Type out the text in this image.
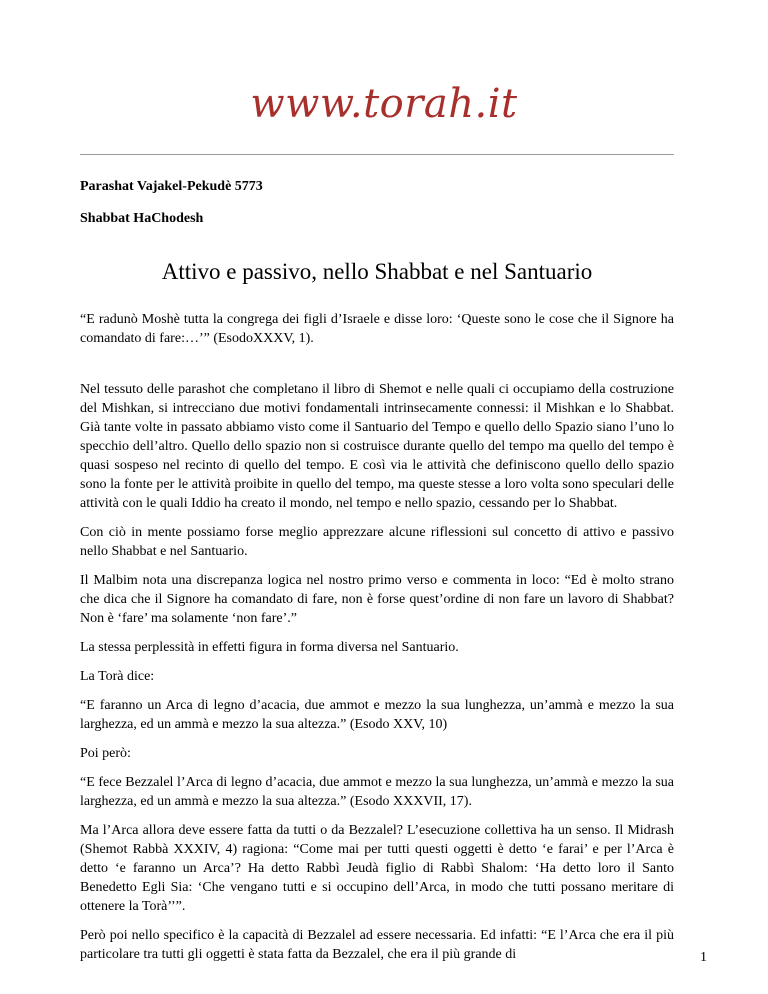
www.torah.it

Parashat Vajakel-Pekudè 5773

Shabbat HaChodesh

Attivo e passivo, nello Shabbat e nel Santuario

“E radunò Moshè tutta la congrega dei figli d’Israele e disse loro: ‘Queste sono le cose che il Signore ha comandato di fare:…’” (EsodoXXXV, 1).

Nel tessuto delle parashot che completano il libro di Shemot e nelle quali ci occupiamo della costruzione del Mishkan, si intrecciano due motivi fondamentali intrinsecamente connessi: il Mishkan e lo Shabbat. Già tante volte in passato abbiamo visto come il Santuario del Tempo e quello dello Spazio siano l’uno lo specchio dell’altro. Quello dello spazio non si costruisce durante quello del tempo ma quello del tempo è quasi sospeso nel recinto di quello del tempo. E così via le attività che definiscono quello dello spazio sono la fonte per le attività proibite in quello del tempo, ma queste stesse a loro volta sono speculari delle attività con le quali Iddio ha creato il mondo, nel tempo e nello spazio, cessando per lo Shabbat.

Con ciò in mente possiamo forse meglio apprezzare alcune riflessioni sul concetto di attivo e passivo nello Shabbat e nel Santuario.

Il Malbim nota una discrepanza logica nel nostro primo verso e commenta in loco: “Ed è molto strano che dica che il Signore ha comandato di fare, non è forse quest’ordine di non fare un lavoro di Shabbat? Non è ‘fare’ ma solamente ‘non fare’.”

La stessa perplessità in effetti figura in forma diversa nel Santuario.

La Torà dice:

“E faranno un Arca di legno d’acacia, due ammot e mezzo la sua lunghezza, un’ammà e mezzo la sua larghezza, ed un ammà e mezzo la sua altezza.” (Esodo XXV, 10)

Poi però:

“E fece Bezzalel l’Arca di legno d’acacia, due ammot e mezzo la sua lunghezza, un’ammà e mezzo la sua larghezza, ed un ammà e mezzo la sua altezza.” (Esodo XXXVII, 17).

Ma l’Arca allora deve essere fatta da tutti o da Bezzalel? L’esecuzione collettiva ha un senso. Il Midrash (Shemot Rabbà XXXIV, 4) ragiona: “Come mai per tutti questi oggetti è detto ‘e farai’ e per l’Arca è detto ‘e faranno un Arca’? Ha detto Rabbì Jeudà figlio di Rabbì Shalom: ‘Ha detto loro il Santo Benedetto Egli Sia: ‘Che vengano tutti e si occupino dell’Arca, in modo che tutti possano meritare di ottenere la Torà’’”.

Però poi nello specifico è la capacità di Bezzalel ad essere necessaria. Ed infatti: “E l’Arca che era il più particolare tra tutti gli oggetti è stata fatta da Bezzalel, che era il più grande di	1
